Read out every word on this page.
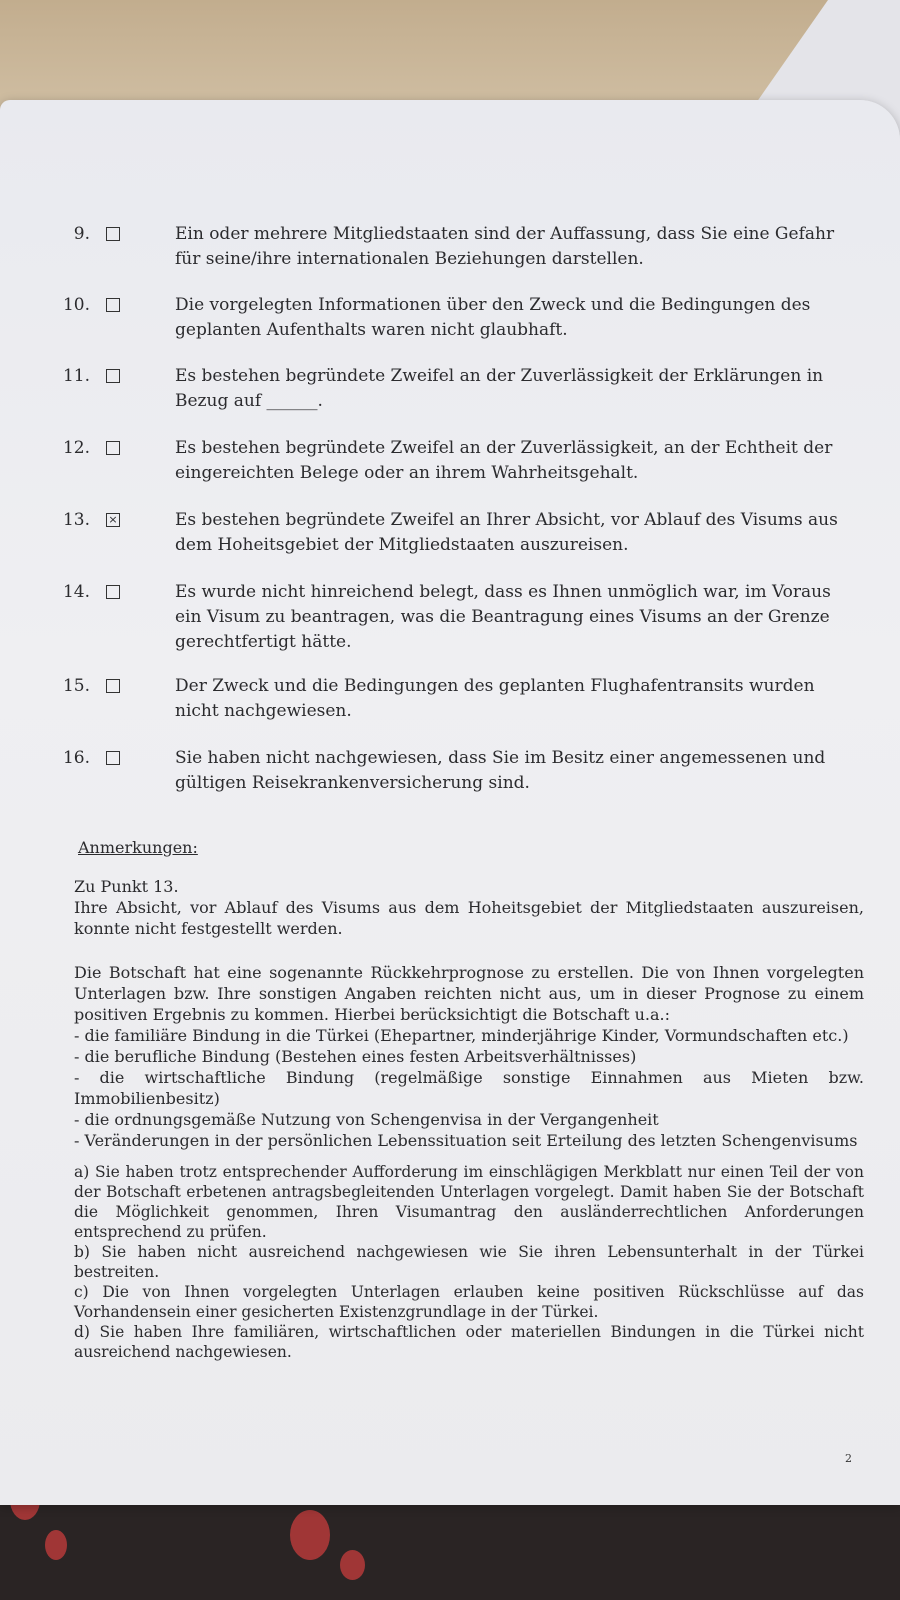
9.	Ein oder mehrere Mitgliedstaaten sind der Auffassung, dass Sie eine Gefahr für seine/ihre internationalen Beziehungen darstellen.
10.	Die vorgelegten Informationen über den Zweck und die Bedingungen des geplanten Aufenthalts waren nicht glaubhaft.
11.	Es bestehen begründete Zweifel an der Zuverlässigkeit der Erklärungen in Bezug auf ______.
12.	Es bestehen begründete Zweifel an der Zuverlässigkeit, an der Echtheit der eingereichten Belege oder an ihrem Wahrheitsgehalt.
13. ×	Es bestehen begründete Zweifel an Ihrer Absicht, vor Ablauf des Visums aus dem Hoheitsgebiet der Mitgliedstaaten auszureisen.
14.	Es wurde nicht hinreichend belegt, dass es Ihnen unmöglich war, im Voraus ein Visum zu beantragen, was die Beantragung eines Visums an der Grenze gerechtfertigt hätte.
15.	Der Zweck und die Bedingungen des geplanten Flughafentransits wurden nicht nachgewiesen.
16.	Sie haben nicht nachgewiesen, dass Sie im Besitz einer angemessenen und gültigen Reisekrankenversicherung sind.
Anmerkungen:

Zu Punkt 13.

Ihre Absicht, vor Ablauf des Visums aus dem Hoheitsgebiet der Mitgliedstaaten auszureisen, konnte nicht festgestellt werden.

Die Botschaft hat eine sogenannte Rückkehrprognose zu erstellen. Die von Ihnen vorgelegten Unterlagen bzw. Ihre sonstigen Angaben reichten nicht aus, um in dieser Prognose zu einem positiven Ergebnis zu kommen. Hierbei berücksichtigt die Botschaft u.a.:

- die familiäre Bindung in die Türkei (Ehepartner, minderjährige Kinder, Vormundschaften etc.)
- die berufliche Bindung (Bestehen eines festen Arbeitsverhältnisses)
- die wirtschaftliche Bindung (regelmäßige sonstige Einnahmen aus Mieten bzw. Immobilienbesitz)
- die ordnungsgemäße Nutzung von Schengenvisa in der Vergangenheit
- Veränderungen in der persönlichen Lebenssituation seit Erteilung des letzten Schengenvisums

a) Sie haben trotz entsprechender Aufforderung im einschlägigen Merkblatt nur einen Teil der von der Botschaft erbetenen antragsbegleitenden Unterlagen vorgelegt. Damit haben Sie der Botschaft die Möglichkeit genommen, Ihren Visumantrag den ausländerrechtlichen Anforderungen entsprechend zu prüfen.

b) Sie haben nicht ausreichend nachgewiesen wie Sie ihren Lebensunterhalt in der Türkei bestreiten.

c) Die von Ihnen vorgelegten Unterlagen erlauben keine positiven Rückschlüsse auf das Vorhandensein einer gesicherten Existenzgrundlage in der Türkei.

d) Sie haben Ihre familiären, wirtschaftlichen oder materiellen Bindungen in die Türkei nicht ausreichend nachgewiesen.

2
